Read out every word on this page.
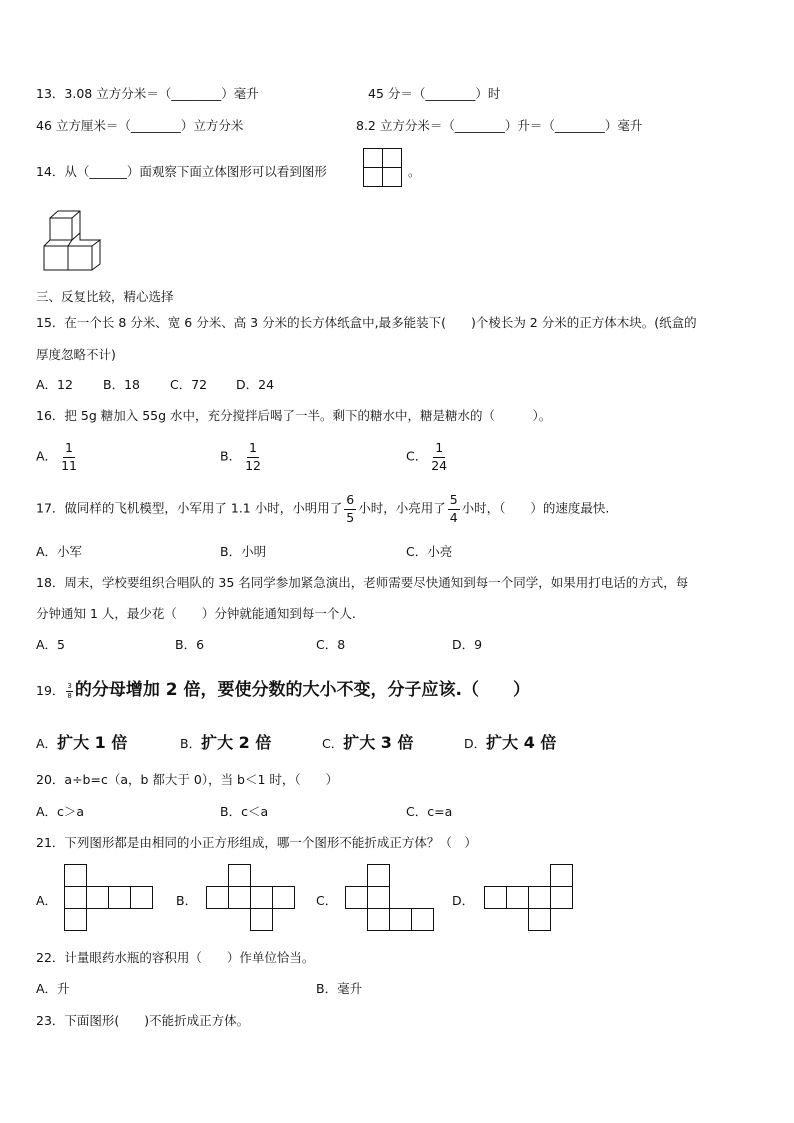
13．3.08 立方分米＝（________）毫升	45 分＝（________）时
46 立方厘米＝（________）立方分米	8.2 立方分米＝（________）升＝（________）毫升
14．从（______）面观察下面立体图形可以看到图形	。
三、反复比较，精心选择
15．在一个长 8 分米、宽 6 分米、高 3 分米的长方体纸盒中,最多能装下(　　)个棱长为 2 分米的正方体木块。(纸盒的
厚度忽略不计)
A．12 B．18 C．72 D．24
16．把 5g 糖加入 55g 水中，充分搅拌后喝了一半。剩下的糖水中，糖是糖水的（　　　）。
A． $\frac{1}{11}$	B． $\frac{1}{12}$	C． $\frac{1}{24}$
17．做同样的飞机模型，小军用了 1.1 小时，小明用了 $\frac{6}{5}$ 小时，小亮用了 $\frac{5}{4}$ 小时，（　　）的速度最快.
A．小军	B．小明	C．小亮
18．周末，学校要组织合唱队的 35 名同学参加紧急演出，老师需要尽快通知到每一个同学，如果用打电话的方式，每
分钟通知 1 人，最少花（　　）分钟就能通知到每一个人.
A．5	B．6	C．8	D．9
19． $\frac{3}{8}$ 的分母增加 2 倍，要使分数的大小不变，分子应该.（　　）
A．扩大 1 倍	B．扩大 2 倍	C．扩大 3 倍	D．扩大 4 倍
20．a÷b=c（a，b 都大于 0），当 b＜1 时，（　　）
A．c＞a	B．c＜a	C．c=a
21．下列图形都是由相同的小正方形组成，哪一个图形不能折成正方体？（　）
A．	B．	C．	D．
22．计量眼药水瓶的容积用（　　）作单位恰当。
A．升	B．毫升
23．下面图形(　　)不能折成正方体。
